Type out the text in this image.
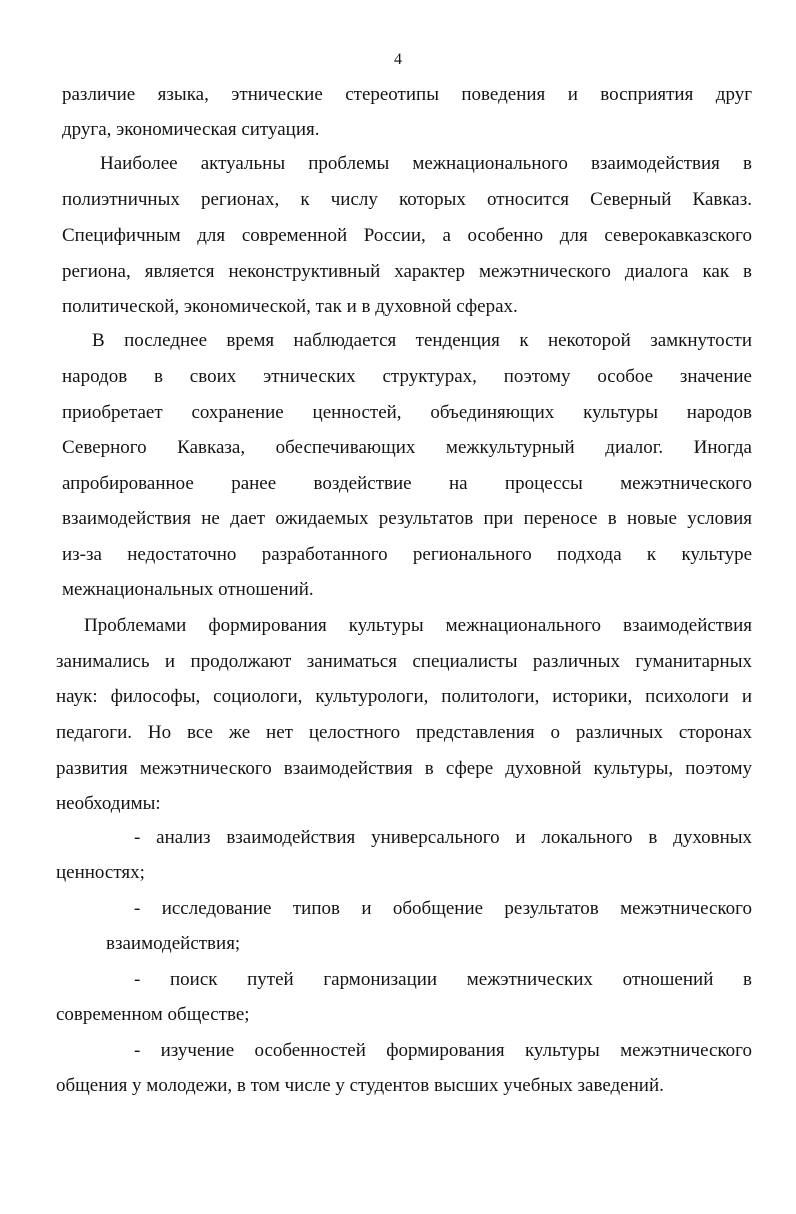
4
различие языка, этнические стереотипы поведения и восприятия друг
друга, экономическая ситуация.
Наиболее актуальны проблемы межнационального взаимодействия в
полиэтничных регионах, к числу которых относится Северный Кавказ.
Специфичным для современной России, а особенно для северокавказского
региона, является неконструктивный характер межэтнического диалога как в
политической, экономической, так и в духовной сферах.
В последнее время наблюдается тенденция к некоторой замкнутости
народов в своих этнических структурах, поэтому особое значение
приобретает сохранение ценностей, объединяющих культуры народов
Северного Кавказа, обеспечивающих межкультурный диалог. Иногда
апробированное ранее воздействие на процессы межэтнического
взаимодействия не дает ожидаемых результатов при переносе в новые условия
из-за недостаточно разработанного регионального подхода к культуре
межнациональных отношений.
Проблемами формирования культуры межнационального взаимодействия
занимались и продолжают заниматься специалисты различных гуманитарных
наук: философы, социологи, культурологи, политологи, историки, психологи и
педагоги. Но все же нет целостного представления о различных сторонах
развития межэтнического взаимодействия в сфере духовной культуры, поэтому
необходимы:
- анализ взаимодействия универсального и локального в духовных
ценностях;
- исследование типов и обобщение результатов межэтнического
взаимодействия;
- поиск путей гармонизации межэтнических отношений в
современном обществе;
- изучение особенностей формирования культуры межэтнического
общения у молодежи, в том числе у студентов высших учебных заведений.
